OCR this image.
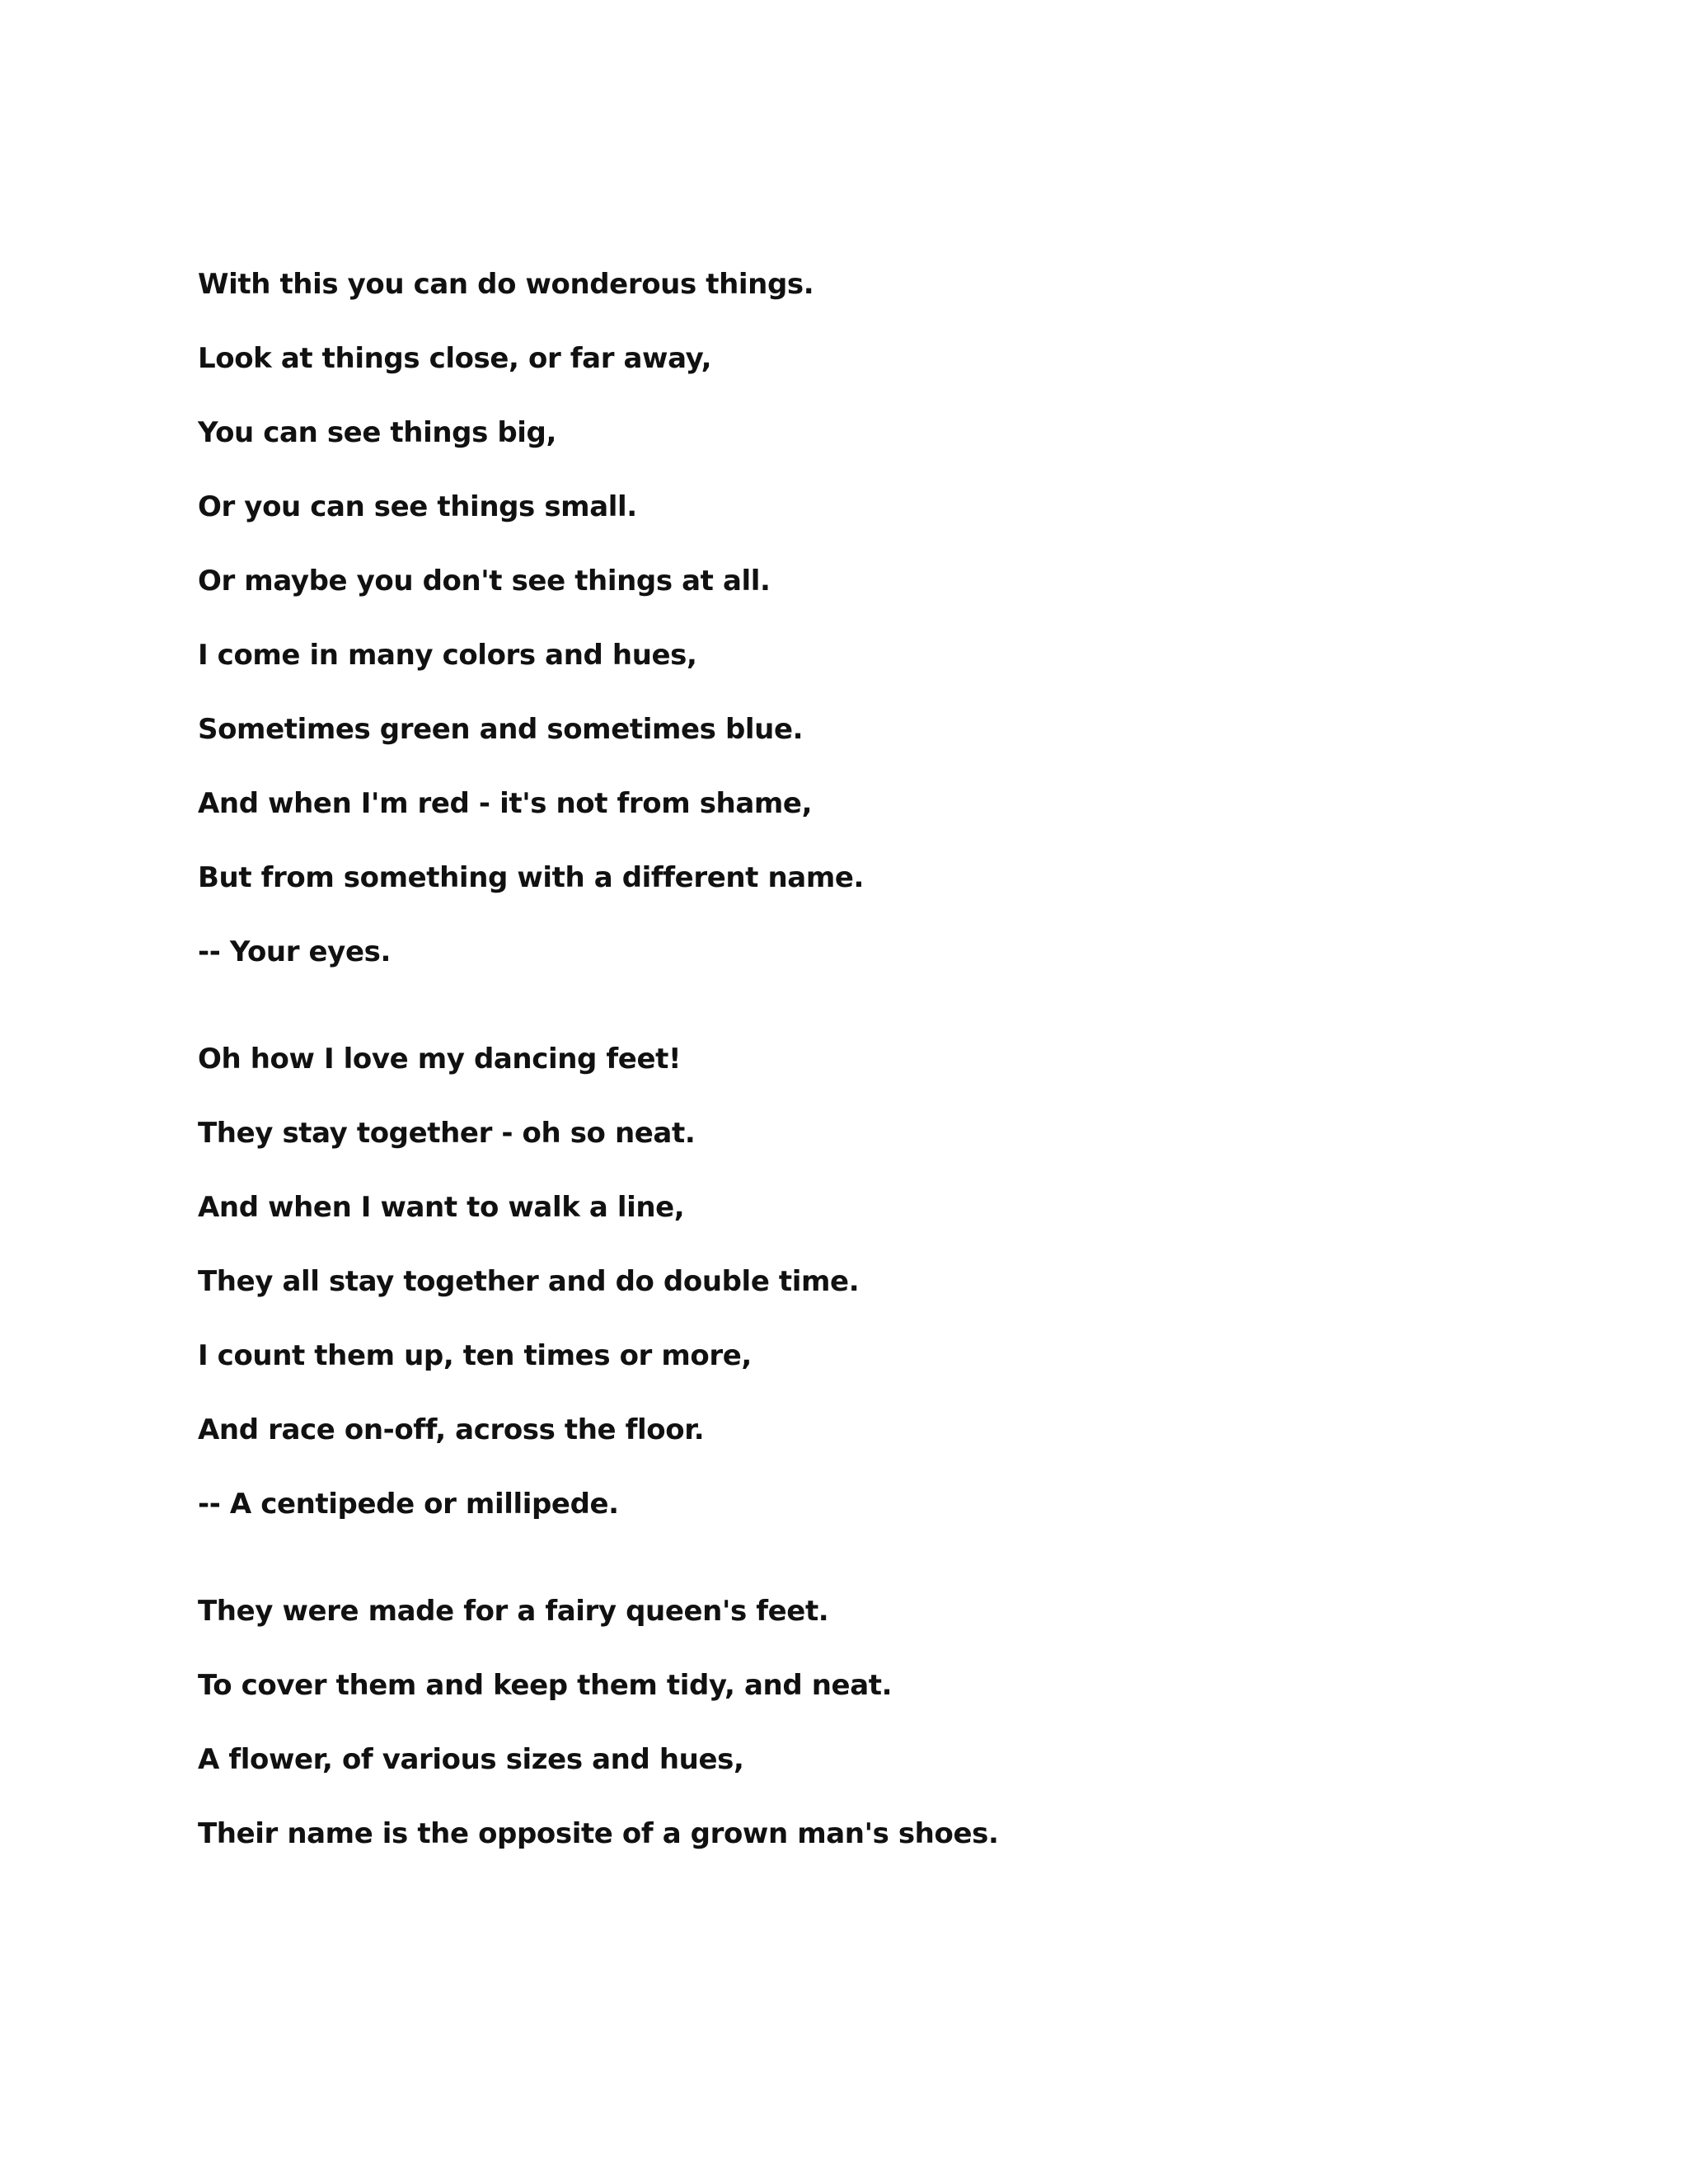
With this you can do wonderous things.
Look at things close, or far away,
You can see things big,
Or you can see things small.
Or maybe you don't see things at all.
I come in many colors and hues,
Sometimes green and sometimes blue.
And when I'm red - it's not from shame,
But from something with a different name.
-- Your eyes.
Oh how I love my dancing feet!
They stay together - oh so neat.
And when I want to walk a line,
They all stay together and do double time.
I count them up, ten times or more,
And race on-off, across the floor.
-- A centipede or millipede.
They were made for a fairy queen's feet.
To cover them and keep them tidy, and neat.
A flower, of various sizes and hues,
Their name is the opposite of a grown man's shoes.
